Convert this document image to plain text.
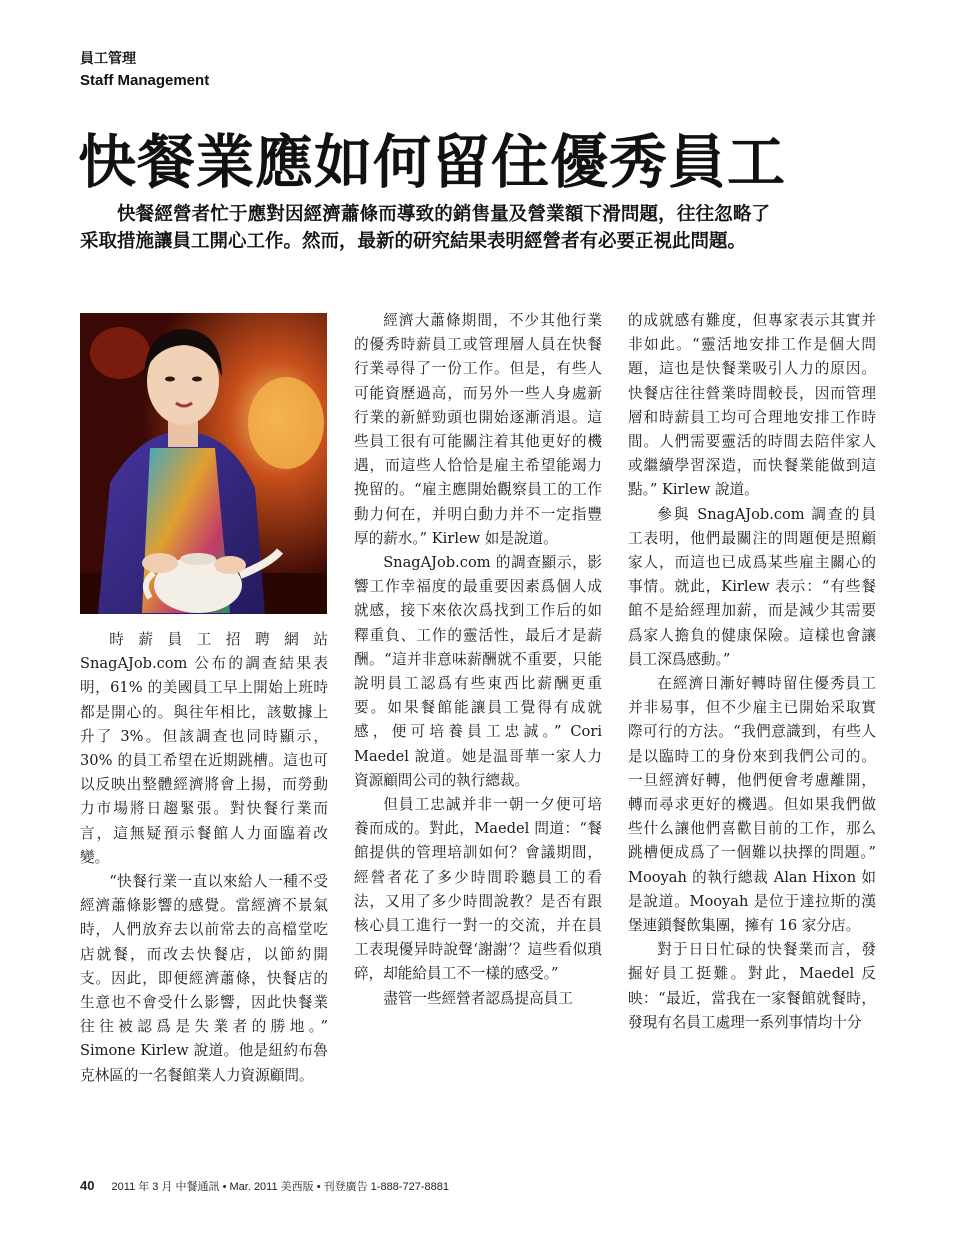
員工管理
Staff Management
快餐業應如何留住優秀員工

快餐經營者忙于應對因經濟蕭條而導致的銷售量及營業額下滑問題，往往忽略了采取措施讓員工開心工作。然而，最新的研究結果表明經營者有必要正視此問題。

時薪員工招聘網站 SnagAJob.com 公布的調查結果表明，61% 的美國員工早上開始上班時都是開心的。與往年相比，該數據上升了 3%。但該調查也同時顯示，30% 的員工希望在近期跳槽。這也可以反映出整體經濟將會上揚，而勞動力市場將日趨緊張。對快餐行業而言，這無疑預示餐館人力面臨着改變。

“快餐行業一直以來給人一種不受經濟蕭條影響的感覺。當經濟不景氣時，人們放弃去以前常去的高檔堂吃店就餐，而改去快餐店，以節約開支。因此，即便經濟蕭條，快餐店的生意也不會受什么影響，因此快餐業往往被認爲是失業者的勝地。” Simone Kirlew 說道。他是紐約布魯克林區的一名餐館業人力資源顧問。

經濟大蕭條期間，不少其他行業的優秀時薪員工或管理層人員在快餐行業尋得了一份工作。但是，有些人可能資歷過高，而另外一些人身處新行業的新鮮勁頭也開始逐漸消退。這些員工很有可能關注着其他更好的機遇，而這些人恰恰是雇主希望能竭力挽留的。“雇主應開始觀察員工的工作動力何在，并明白動力并不一定指豐厚的薪水。” Kirlew 如是說道。

SnagAJob.com 的調查顯示，影響工作幸福度的最重要因素爲個人成就感，接下來依次爲找到工作后的如釋重負、工作的靈活性，最后才是薪酬。“這并非意味薪酬就不重要，只能說明員工認爲有些東西比薪酬更重要。如果餐館能讓員工覺得有成就感，便可培養員工忠誠。” Cori Maedel 說道。她是温哥華一家人力資源顧問公司的執行總裁。

但員工忠誠并非一朝一夕便可培養而成的。對此，Maedel 問道：“餐館提供的管理培訓如何？會議期間，經營者花了多少時間聆聽員工的看法，又用了多少時間說教？是否有跟核心員工進行一對一的交流，并在員工表現優异時說聲‘謝謝’？這些看似瑣碎，却能給員工不一樣的感受。”

盡管一些經營者認爲提高員工

的成就感有難度，但專家表示其實并非如此。“靈活地安排工作是個大問題，這也是快餐業吸引人力的原因。快餐店往往營業時間較長，因而管理層和時薪員工均可合理地安排工作時間。人們需要靈活的時間去陪伴家人或繼續學習深造，而快餐業能做到這點。” Kirlew 說道。

參與 SnagAJob.com 調查的員工表明，他們最關注的問題便是照顧家人，而這也已成爲某些雇主關心的事情。就此，Kirlew 表示：“有些餐館不是給經理加薪，而是減少其需要爲家人擔負的健康保險。這樣也會讓員工深爲感動。”

在經濟日漸好轉時留住優秀員工并非易事，但不少雇主已開始采取實際可行的方法。“我們意識到，有些人是以臨時工的身份來到我們公司的。一旦經濟好轉，他們便會考慮離開，轉而尋求更好的機遇。但如果我們做些什么讓他們喜歡目前的工作，那么跳槽便成爲了一個難以抉擇的問題。” Mooyah 的執行總裁 Alan Hixon 如是說道。Mooyah 是位于達拉斯的漢堡連鎖餐飲集團，擁有 16 家分店。

對于日日忙碌的快餐業而言，發掘好員工挺難。對此，Maedel 反映：“最近，當我在一家餐館就餐時，發現有名員工處理一系列事情均十分

40 2011 年 3 月 中餐通訊 • Mar. 2011 美西版 • 刊登廣告 1-888-727-8881
